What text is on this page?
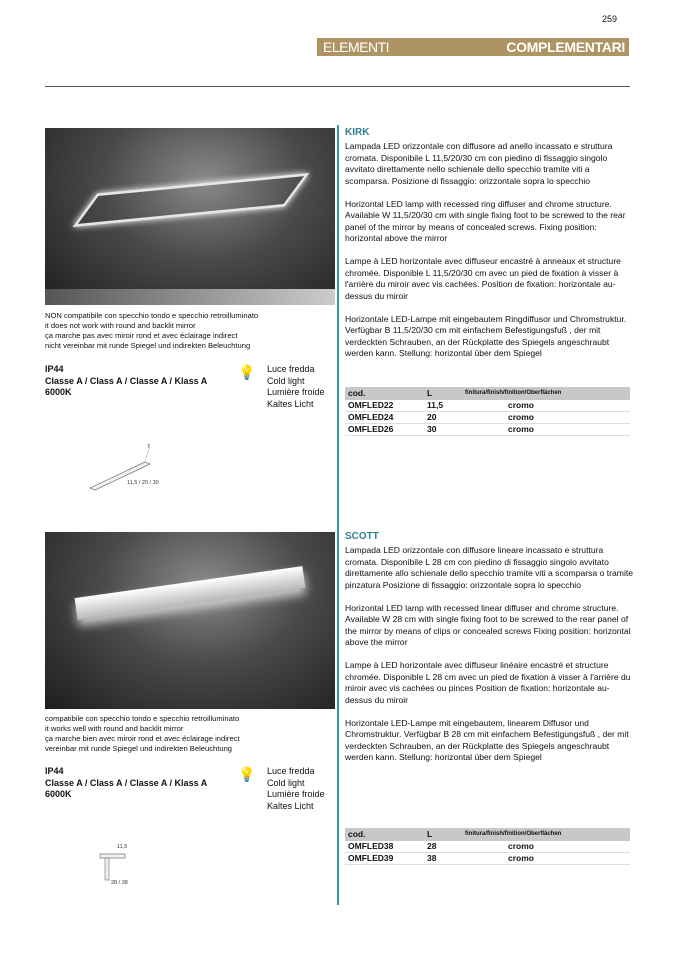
259
ELEMENTI	COMPLEMENTARI
NON compatibile con specchio tondo e specchio retroilluminato
it does not work with round and backlit mirror
ça marche pas avec miroir rond et avec éclairage indirect
nicht vereinbar mit runde Spiegel und indirekten Beleuchtung
IP44
Classe A / Class A / Classe A / Klass A
6000K
💡 Luce fredda
Cold light
Lumière froide
Kaltes Licht
7
11,5 / 20 / 30
KIRK

Lampada LED orizzontale con diffusore ad anello incassato e struttura cromata. Disponibile L 11,5/20/30 cm con piedino di fissaggio singolo avvitato direttamente nello schienale dello specchio tramite viti a scomparsa. Posizione di fissaggio: orizzontale sopra lo specchio

Horizontal LED lamp with recessed ring diffuser and chrome structure. Available W 11,5/20/30 cm with single fixing foot to be screwed to the rear panel of the mirror by means of concealed screws. Fixing position: horizontal above the mirror

Lampe à LED horizontale avec diffuseur encastré à anneaux et structure chromée. Disponible L 11,5/20/30 cm avec un pied de fixation à visser à l'arrière du miroir avec vis cachées. Position de fixation: horizontale au-dessus du miroir

Horizontale LED-Lampe mit eingebautem Ringdiffusor und Chromstruktur. Verfügbar B 11,5/20/30 cm mit einfachem Befestigungsfuß , der mit verdeckten Schrauben, an der Rückplatte des Spiegels angeschraubt werden kann. Stellung: horizontal über dem Spiegel

cod.	L	finitura/finish/finition/Oberflächen
OMFLED22	11,5	cromo
OMFLED24	20	cromo
OMFLED26	30	cromo
compatibile con specchio tondo e specchio retroilluminato
it works well with round and backlit mirror
ça marche bien avec miroir rond et avec éclairage indirect
vereinbar mit runde Spiegel und indirekten Beleuchtung
IP44
Classe A / Class A / Classe A / Klass A
6000K
💡 Luce fredda
Cold light
Lumière froide
Kaltes Licht
11,5
28 / 38
SCOTT

Lampada LED orizzontale con diffusore lineare incassato e struttura cromata. Disponibile L 28 cm con piedino di fissaggio singolo avvitato direttamente allo schienale dello specchio tramite viti a scomparsa o tramite pinzatura Posizione di fissaggio: orizzontale sopra lo specchio

Horizontal LED lamp with recessed linear diffuser and chrome structure. Available W 28 cm with single fixing foot to be screwed to the rear panel of the mirror by means of clips or concealed screws Fixing position: horizontal above the mirror

Lampe à LED horizontale avec diffuseur linéaire encastré et structure chromée. Disponible L 28 cm avec un pied de fixation à visser à l'arrière du miroir avec vis cachées ou pinces Position de fixation: horizontale au-dessus du miroir

Horizontale LED-Lampe mit eingebautem, linearem Diffusor und Chromstruktur. Verfügbar B 28 cm mit einfachem Befestigungsfuß , der mit verdeckten Schrauben, an der Rückplatte des Spiegels angeschraubt werden kann. Stellung: horizontal über dem Spiegel

cod.	L	finitura/finish/finition/Oberflächen
OMFLED38	28	cromo
OMFLED39	38	cromo
